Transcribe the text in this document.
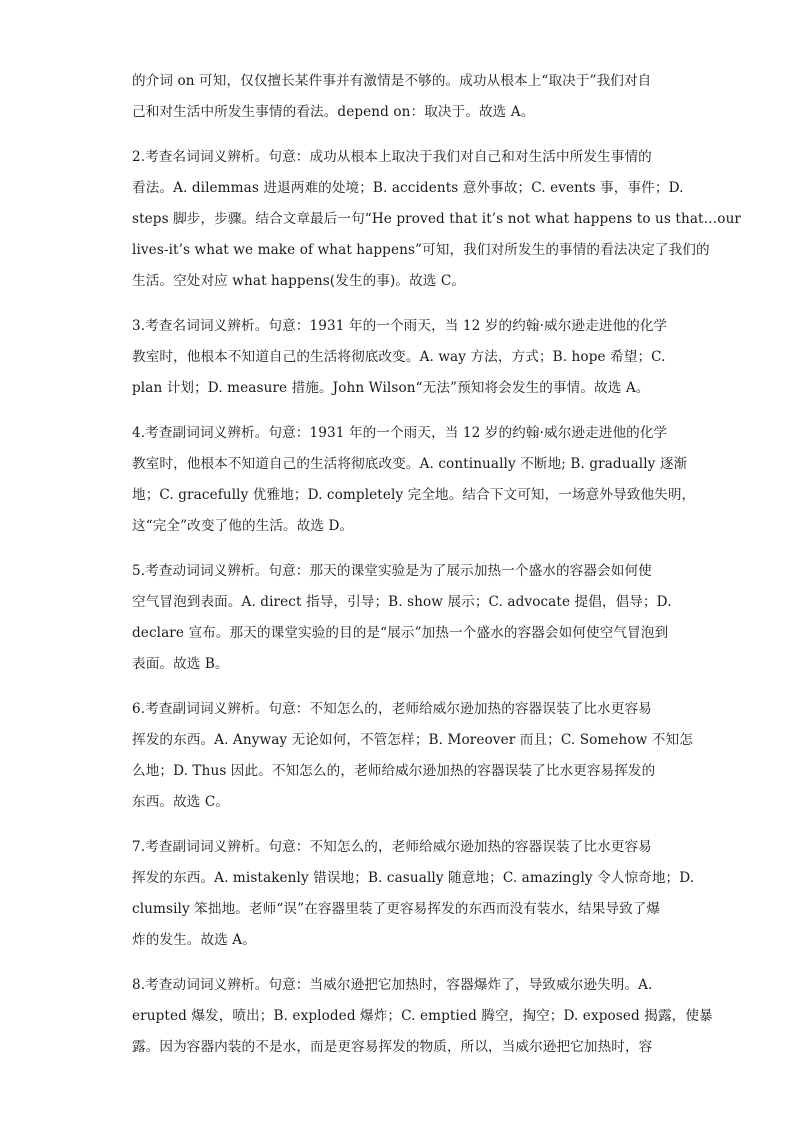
的介词 on 可知，仅仅擅长某件事并有激情是不够的。成功从根本上“取决于”我们对自
己和对生活中所发生事情的看法。depend on：取决于。故选 A。
2.考查名词词义辨析。句意：成功从根本上取决于我们对自己和对生活中所发生事情的
看法。A. dilemmas 进退两难的处境；B. accidents 意外事故；C. events 事，事件；D.
steps 脚步，步骤。结合文章最后一句“He proved that it’s not what happens to us that…our
lives-it’s what we make of what happens”可知，我们对所发生的事情的看法决定了我们的
生活。空处对应 what happens(发生的事)。故选 C。
3.考查名词词义辨析。句意：1931 年的一个雨天，当 12 岁的约翰·威尔逊走进他的化学
教室时，他根本不知道自己的生活将彻底改变。A. way 方法，方式；B. hope 希望；C.
plan 计划；D. measure 措施。John Wilson“无法”预知将会发生的事情。故选 A。
4.考查副词词义辨析。句意：1931 年的一个雨天，当 12 岁的约翰·威尔逊走进他的化学
教室时，他根本不知道自己的生活将彻底改变。A. continually 不断地; B. gradually 逐渐
地；C. gracefully 优雅地；D. completely 完全地。结合下文可知，一场意外导致他失明，
这“完全”改变了他的生活。故选 D。
5.考查动词词义辨析。句意：那天的课堂实验是为了展示加热一个盛水的容器会如何使
空气冒泡到表面。A. direct 指导，引导；B. show 展示；C. advocate 提倡，倡导；D.
declare 宣布。那天的课堂实验的目的是“展示”加热一个盛水的容器会如何使空气冒泡到
表面。故选 B。
6.考查副词词义辨析。句意：不知怎么的，老师给威尔逊加热的容器误装了比水更容易
挥发的东西。A. Anyway 无论如何，不管怎样；B. Moreover 而且；C. Somehow 不知怎
么地；D. Thus 因此。不知怎么的，老师给威尔逊加热的容器误装了比水更容易挥发的
东西。故选 C。
7.考查副词词义辨析。句意：不知怎么的，老师给威尔逊加热的容器误装了比水更容易
挥发的东西。A. mistakenly 错误地；B. casually 随意地；C. amazingly 令人惊奇地；D.
clumsily 笨拙地。老师“误”在容器里装了更容易挥发的东西而没有装水，结果导致了爆
炸的发生。故选 A。
8.考查动词词义辨析。句意：当威尔逊把它加热时，容器爆炸了，导致威尔逊失明。A.
erupted 爆发，喷出；B. exploded 爆炸；C. emptied 腾空，掏空；D. exposed 揭露，使暴
露。因为容器内装的不是水，而是更容易挥发的物质，所以，当威尔逊把它加热时，容
